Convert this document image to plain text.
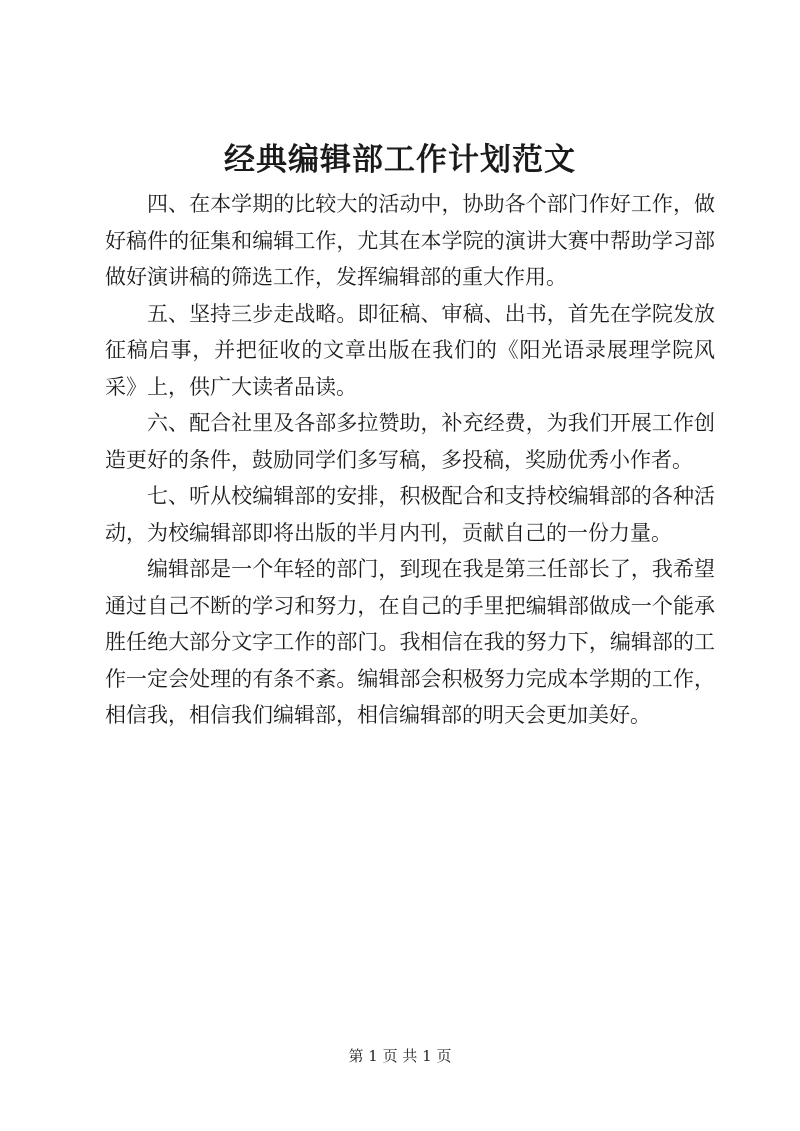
经典编辑部工作计划范文

四、在本学期的比较大的活动中，协助各个部门作好工作，做好稿件的征集和编辑工作，尤其在本学院的演讲大赛中帮助学习部做好演讲稿的筛选工作，发挥编辑部的重大作用。

五、坚持三步走战略。即征稿、审稿、出书，首先在学院发放征稿启事，并把征收的文章出版在我们的《阳光语录展理学院风采》上，供广大读者品读。

六、配合社里及各部多拉赞助，补充经费，为我们开展工作创造更好的条件，鼓励同学们多写稿，多投稿，奖励优秀小作者。

七、听从校编辑部的安排，积极配合和支持校编辑部的各种活动，为校编辑部即将出版的半月内刊，贡献自己的一份力量。

编辑部是一个年轻的部门，到现在我是第三任部长了，我希望通过自己不断的学习和努力，在自己的手里把编辑部做成一个能承胜任绝大部分文字工作的部门。我相信在我的努力下，编辑部的工作一定会处理的有条不紊。编辑部会积极努力完成本学期的工作，相信我，相信我们编辑部，相信编辑部的明天会更加美好。

第 1 页 共 1 页
